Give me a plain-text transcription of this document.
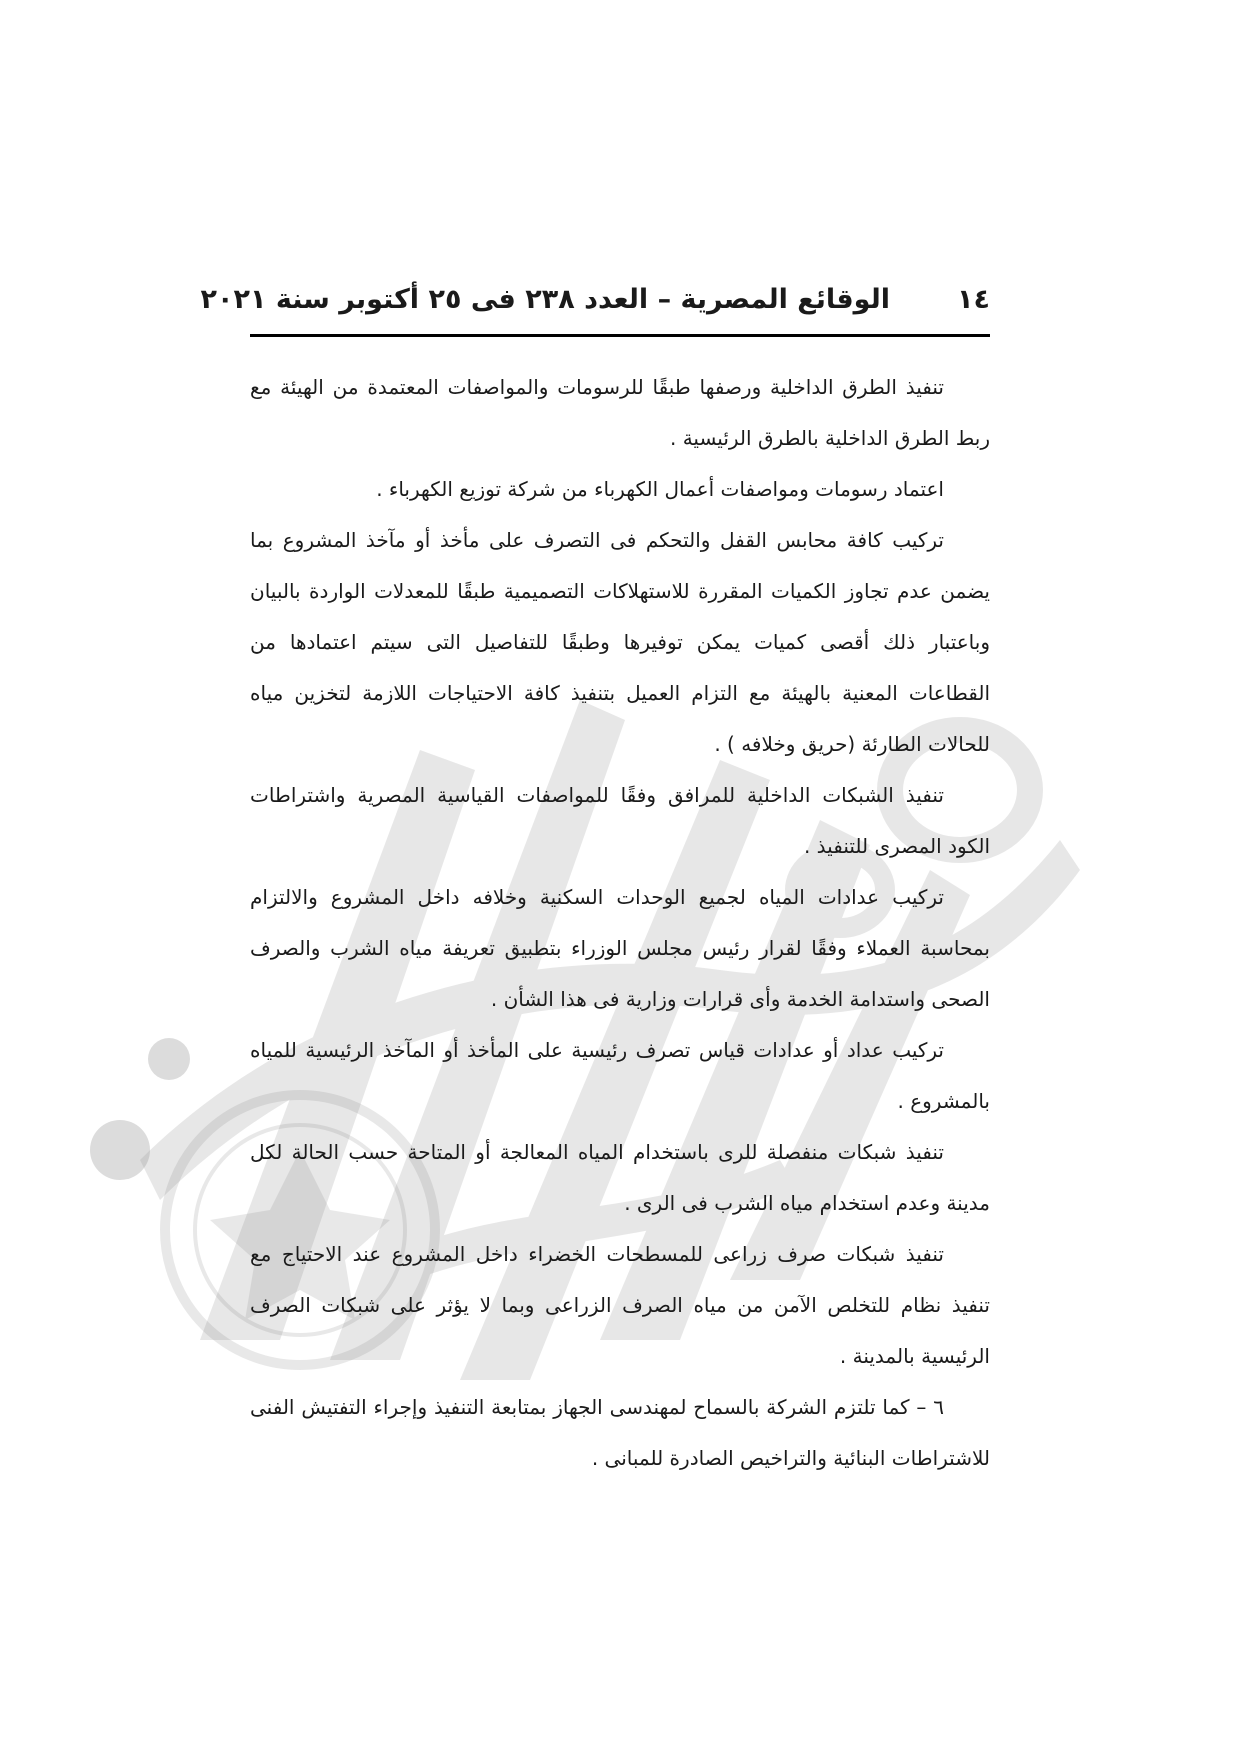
الوقائع المصرية – العدد ٢٣٨ فى ٢٥ أكتوبر سنة ٢٠٢١ ١٤

تنفيذ الطرق الداخلية ورصفها طبقًا للرسومات والمواصفات المعتمدة من الهيئة مع ربط الطرق الداخلية بالطرق الرئيسية .

اعتماد رسومات ومواصفات أعمال الكهرباء من شركة توزيع الكهرباء .

تركيب كافة محابس القفل والتحكم فى التصرف على مأخذ أو مآخذ المشروع بما يضمن عدم تجاوز الكميات المقررة للاستهلاكات التصميمية طبقًا للمعدلات الواردة بالبيان وباعتبار ذلك أقصى كميات يمكن توفيرها وطبقًا للتفاصيل التى سيتم اعتمادها من القطاعات المعنية بالهيئة مع التزام العميل بتنفيذ كافة الاحتياجات اللازمة لتخزين مياه للحالات الطارئة (حريق وخلافه ) .

تنفيذ الشبكات الداخلية للمرافق وفقًا للمواصفات القياسية المصرية واشتراطات الكود المصرى للتنفيذ .

تركيب عدادات المياه لجميع الوحدات السكنية وخلافه داخل المشروع والالتزام بمحاسبة العملاء وفقًا لقرار رئيس مجلس الوزراء بتطبيق تعريفة مياه الشرب والصرف الصحى واستدامة الخدمة وأى قرارات وزارية فى هذا الشأن .

تركيب عداد أو عدادات قياس تصرف رئيسية على المأخذ أو المآخذ الرئيسية للمياه بالمشروع .

تنفيذ شبكات منفصلة للرى باستخدام المياه المعالجة أو المتاحة حسب الحالة لكل مدينة وعدم استخدام مياه الشرب فى الرى .

تنفيذ شبكات صرف زراعى للمسطحات الخضراء داخل المشروع عند الاحتياج مع تنفيذ نظام للتخلص الآمن من مياه الصرف الزراعى وبما لا يؤثر على شبكات الصرف الرئيسية بالمدينة .

٦ – كما تلتزم الشركة بالسماح لمهندسى الجهاز بمتابعة التنفيذ وإجراء التفتيش الفنى للاشتراطات البنائية والتراخيص الصادرة للمبانى .
